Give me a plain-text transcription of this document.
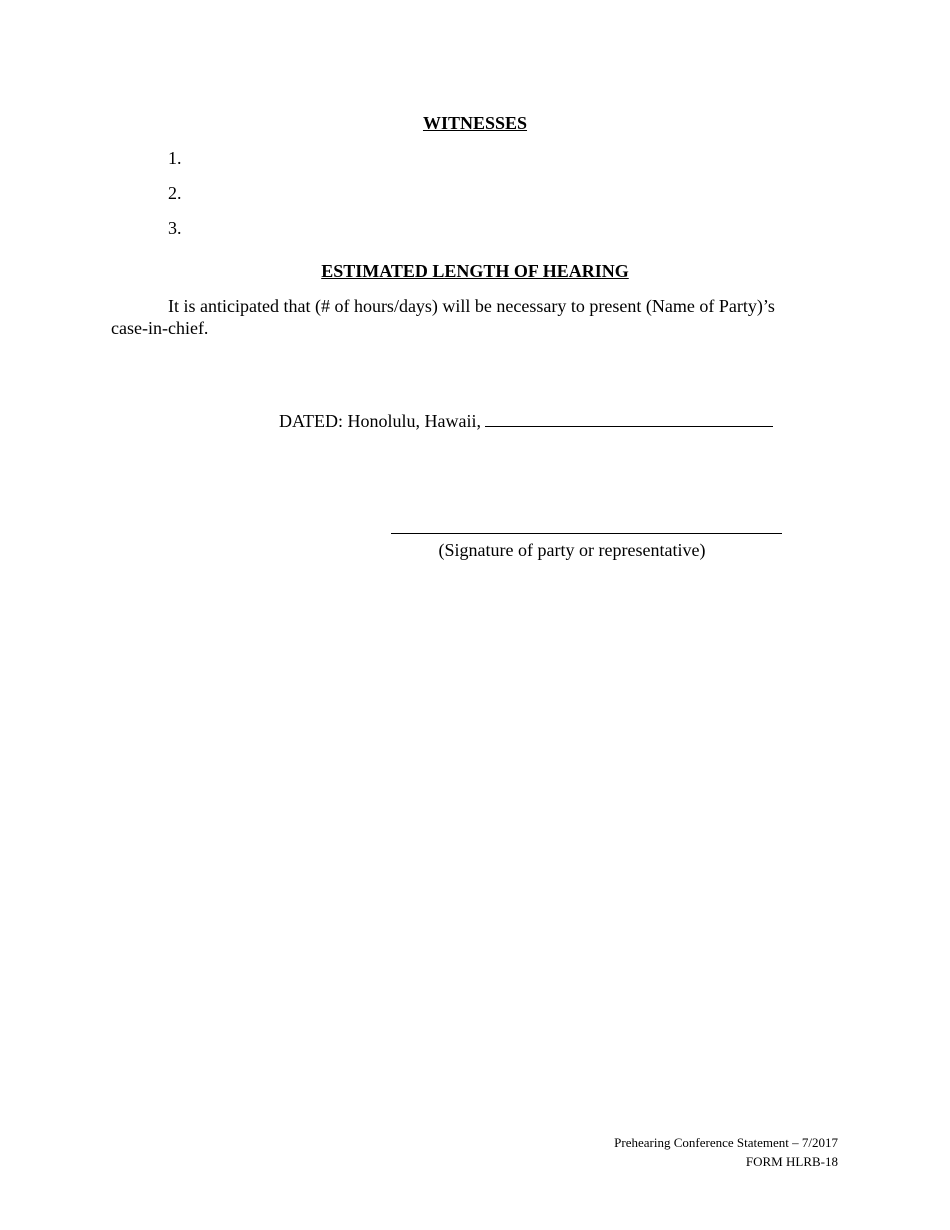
WITNESSES
1.
2.
3.
ESTIMATED LENGTH OF HEARING
It is anticipated that (# of hours/days) will be necessary to present (Name of Party)’s
case-in-chief.
DATED: Honolulu, Hawaii,
(Signature of party or representative)
Prehearing Conference Statement – 7/2017
FORM HLRB-18
